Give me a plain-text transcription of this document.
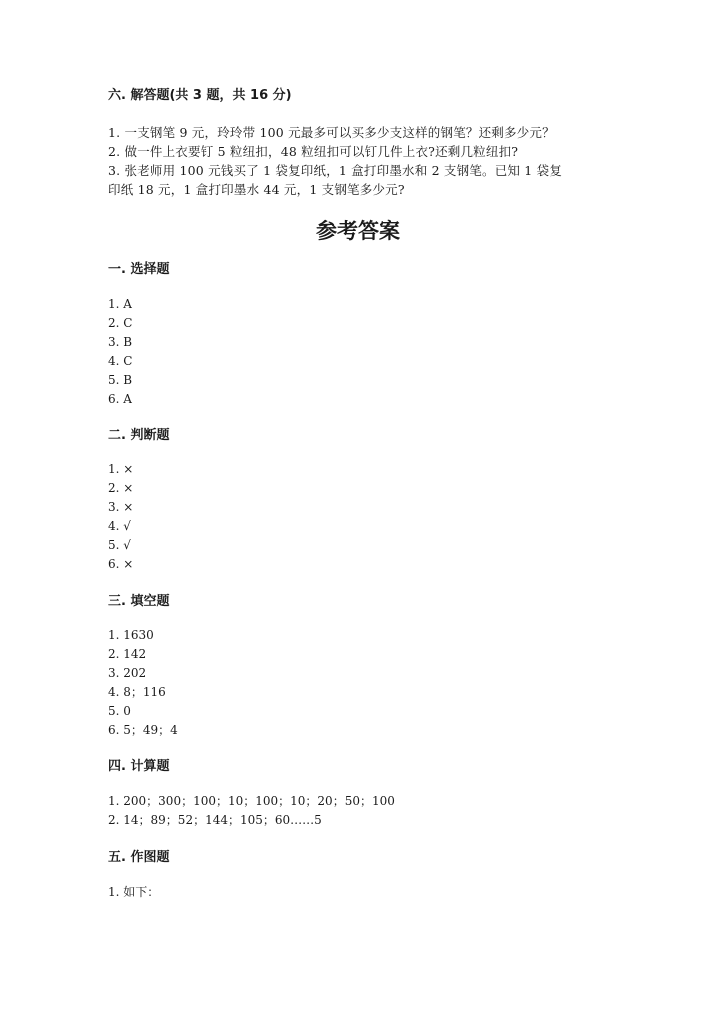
六. 解答题(共 3 题，共 16 分)

1. 一支钢笔 9 元，玲玲带 100 元最多可以买多少支这样的钢笔？还剩多少元？

2. 做一件上衣要钉 5 粒纽扣，48 粒纽扣可以钉几件上衣?还剩几粒纽扣?

3. 张老师用 100 元钱买了 1 袋复印纸，1 盒打印墨水和 2 支钢笔。已知 1 袋复

印纸 18 元，1 盒打印墨水 44 元，1 支钢笔多少元?

参考答案
一. 选择题

1. A

2. C

3. B

4. C

5. B

6. A

二. 判断题

1. ×

2. ×

3. ×

4. √

5. √

6. ×

三. 填空题

1. 1630

2. 142

3. 202

4. 8；116

5. 0

6. 5；49；4

四. 计算题

1. 200；300；100；10；100；10；20；50；100

2. 14；89；52；144；105；60……5

五. 作图题

1. 如下：
